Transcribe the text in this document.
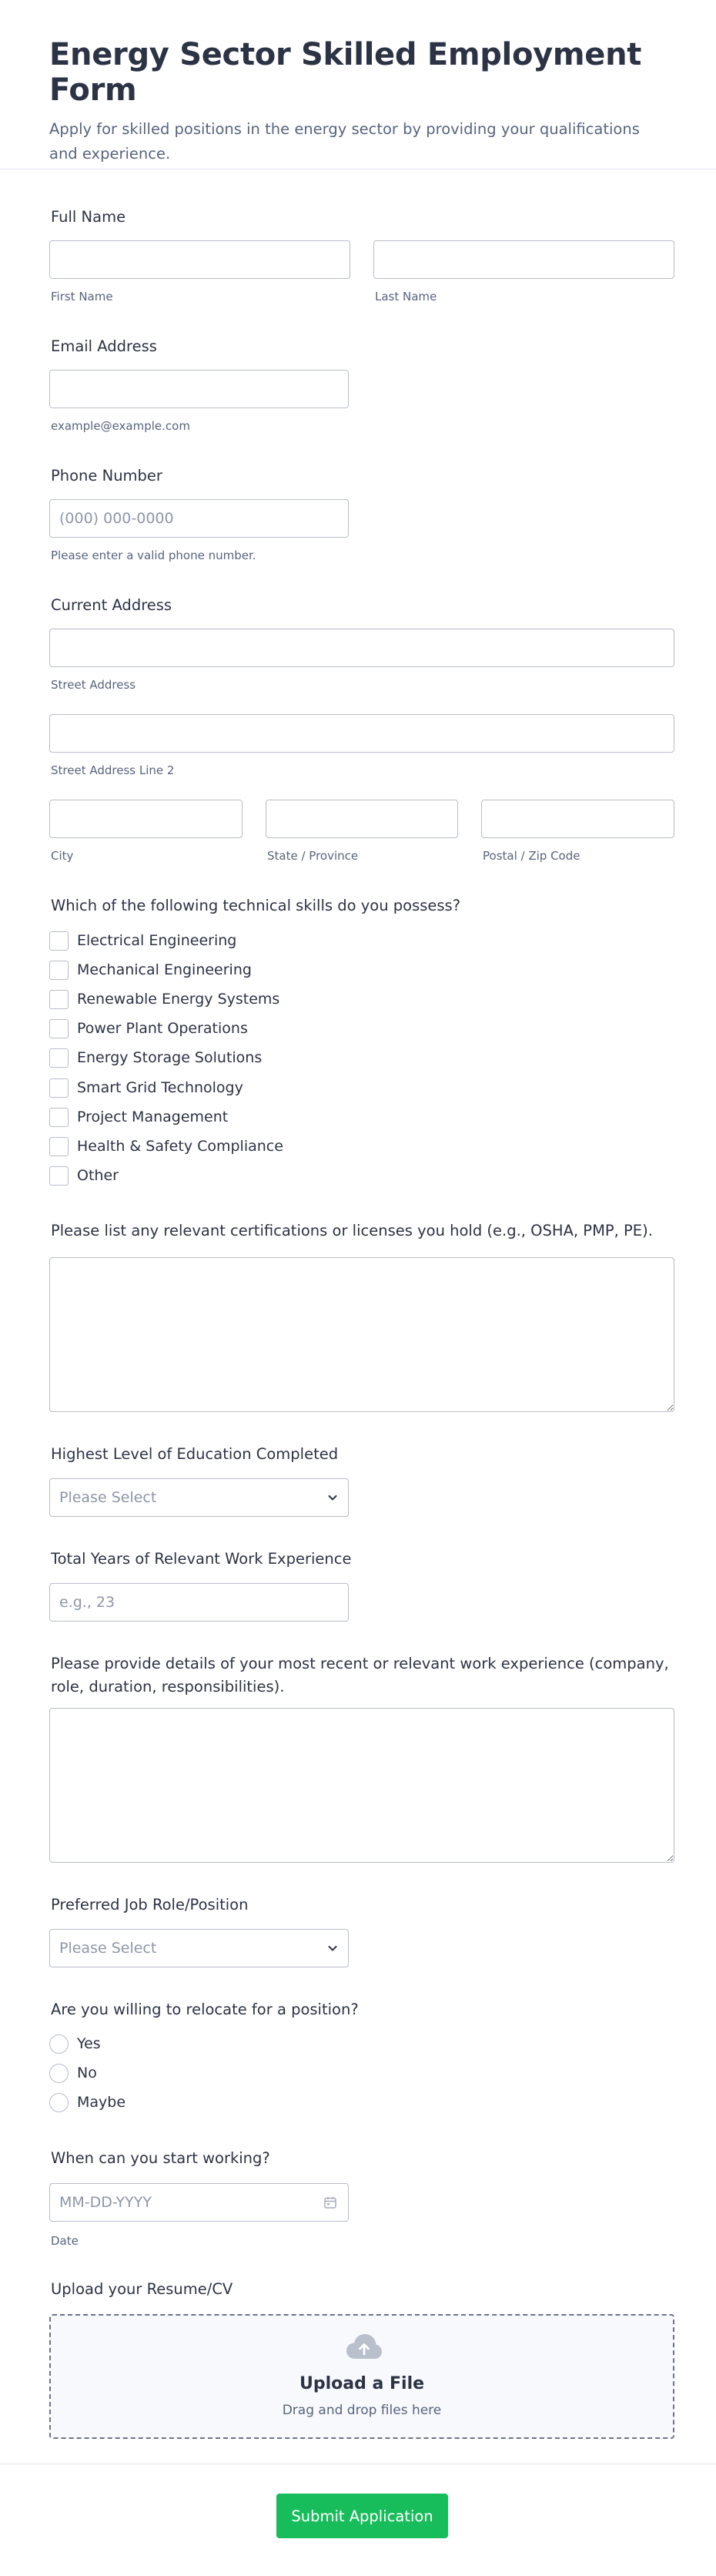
Energy Sector Skilled Employment Form

Apply for skilled positions in the energy sector by providing your qualifications and experience.

Full Name
First Name	Last Name
Email Address
example@example.com
Phone Number
(000) 000-0000
Please enter a valid phone number.
Current Address
Street Address
Street Address Line 2
City	State / Province	Postal / Zip Code
Which of the following technical skills do you possess?
Electrical Engineering
Mechanical Engineering
Renewable Energy Systems
Power Plant Operations
Energy Storage Solutions
Smart Grid Technology
Project Management
Health & Safety Compliance
Other
Please list any relevant certifications or licenses you hold (e.g., OSHA, PMP, PE).
Highest Level of Education Completed
Please Select
Total Years of Relevant Work Experience
e.g., 23
Please provide details of your most recent or relevant work experience (company,
role, duration, responsibilities).
Preferred Job Role/Position
Please Select
Are you willing to relocate for a position?
Yes
No
Maybe
When can you start working?
MM-DD-YYYY
Date
Upload your Resume/CV
Upload a File
Drag and drop files here
Submit Application
